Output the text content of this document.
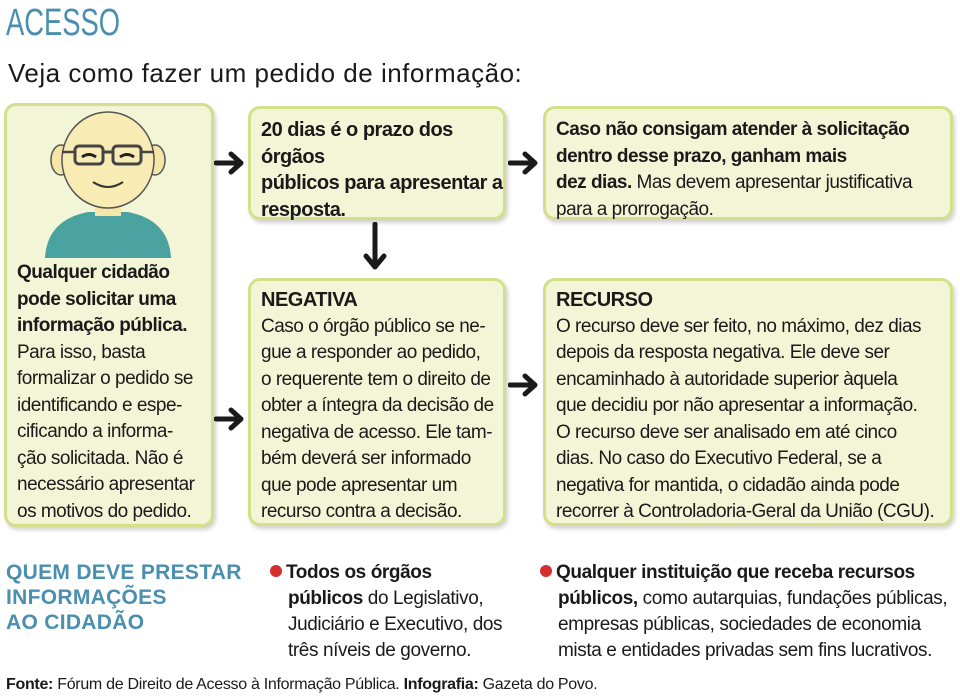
ACESSO
Veja como fazer um pedido de informação:
Qualquer cidadão
pode solicitar uma
informação pública.
Para isso, basta
formalizar o pedido se
identificando e espe-
cificando a informa-
ção solicitada. Não é
necessário apresentar
os motivos do pedido.
20 dias é o prazo dos órgãos
públicos para apresentar a
resposta.
Caso não consigam atender à solicitação
dentro desse prazo, ganham mais
dez dias. Mas devem apresentar justificativa
para a prorrogação.
NEGATIVA
Caso o órgão público se ne-
gue a responder ao pedido,
o requerente tem o direito de
obter a íntegra da decisão de
negativa de acesso. Ele tam-
bém deverá ser informado
que pode apresentar um
recurso contra a decisão.
RECURSO
O recurso deve ser feito, no máximo, dez dias
depois da resposta negativa. Ele deve ser
encaminhado à autoridade superior àquela
que decidiu por não apresentar a informação.
O recurso deve ser analisado em até cinco
dias. No caso do Executivo Federal, se a
negativa for mantida, o cidadão ainda pode
recorrer à Controladoria-Geral da União (CGU).
QUEM DEVE PRESTAR
INFORMAÇÕES
AO CIDADÃO
Todos os órgãos
públicos do Legislativo,
Judiciário e Executivo, dos
três níveis de governo.
Qualquer instituição que receba recursos
públicos, como autarquias, fundações públicas,
empresas públicas, sociedades de economia
mista e entidades privadas sem fins lucrativos.
Fonte: Fórum de Direito de Acesso à Informação Pública. Infografia: Gazeta do Povo.
